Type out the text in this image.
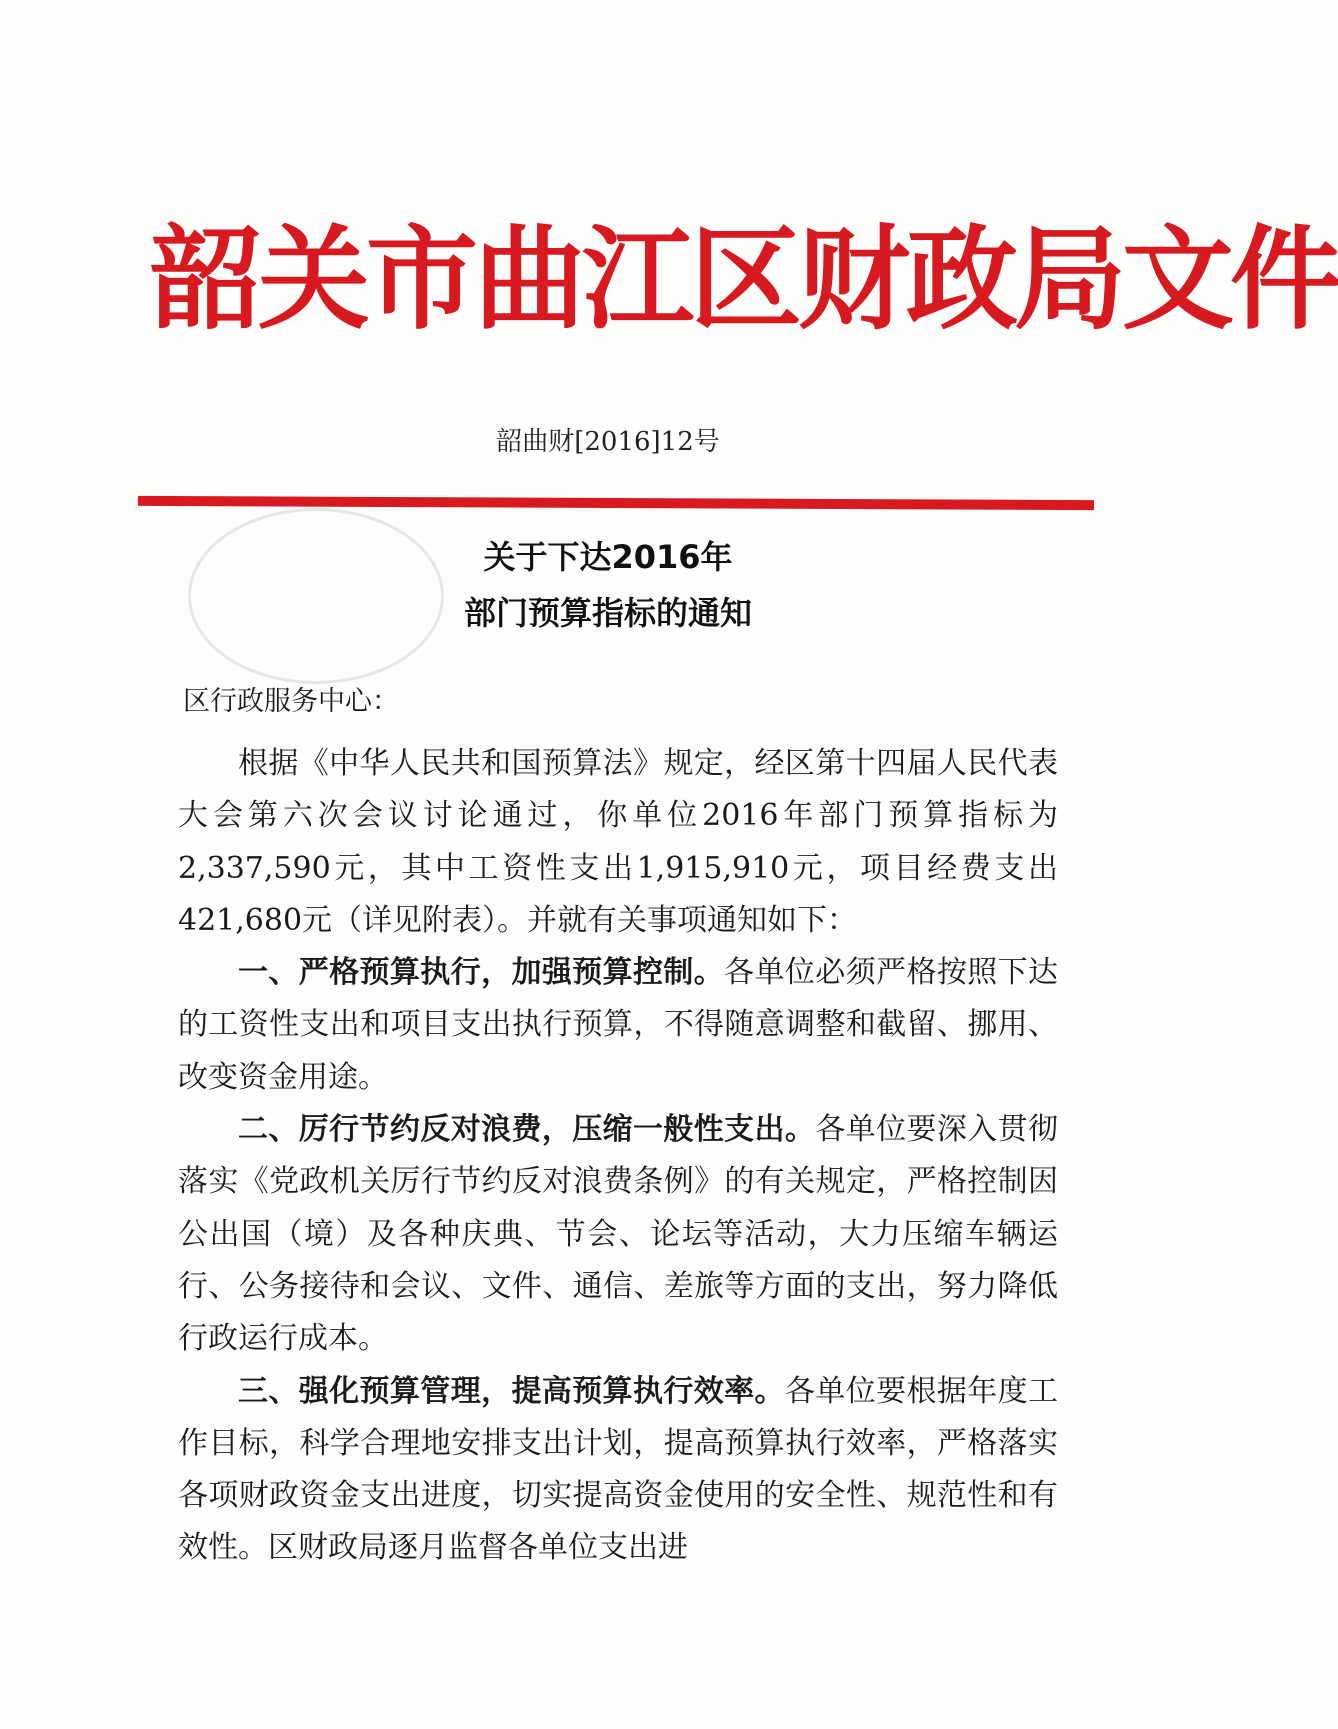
韶关市曲江区财政局文件
韶曲财[2016]12号
关于下达2016年
部门预算指标的通知
区行政服务中心：

根据《中华人民共和国预算法》规定，经区第十四届人民代表大会第六次会议讨论通过，你单位2016年部门预算指标为2,337,590元，其中工资性支出1,915,910元，项目经费支出421,680元（详见附表）。并就有关事项通知如下：

一、严格预算执行，加强预算控制。各单位必须严格按照下达的工资性支出和项目支出执行预算，不得随意调整和截留、挪用、改变资金用途。

二、厉行节约反对浪费，压缩一般性支出。各单位要深入贯彻落实《党政机关厉行节约反对浪费条例》的有关规定，严格控制因公出国（境）及各种庆典、节会、论坛等活动，大力压缩车辆运行、公务接待和会议、文件、通信、差旅等方面的支出，努力降低行政运行成本。

三、强化预算管理，提高预算执行效率。各单位要根据年度工作目标，科学合理地安排支出计划，提高预算执行效率，严格落实各项财政资金支出进度，切实提高资金使用的安全性、规范性和有效性。区财政局逐月监督各单位支出进
